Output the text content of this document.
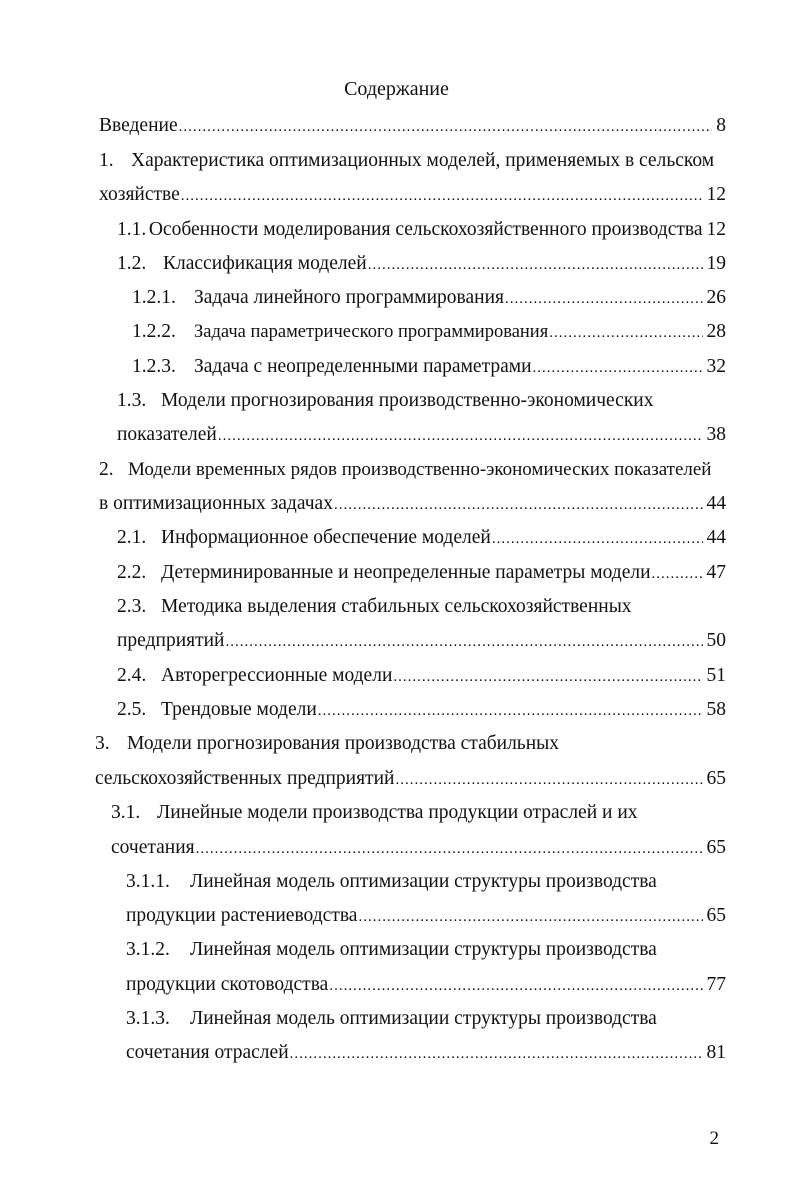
Содержание
Введение .....	8
1. Характеристика оптимизационных моделей, применяемых в сельском
хозяйстве .....	12
1.1. Особенности моделирования сельскохозяйственного производства 12
1.2. Классификация моделей .....	19
1.2.1. Задача линейного программирования .....	26
1.2.2. Задача параметрического программирования .....	28
1.2.3. Задача с неопределенными параметрами .....	32
1.3. Модели прогнозирования производственно-экономических
показателей .....	38
2. Модели временных рядов производственно-экономических показателей
в оптимизационных задачах .....	44
2.1. Информационное обеспечение моделей .....	44
2.2. Детерминированные и неопределенные параметры модели .....	47
2.3. Методика выделения стабильных сельскохозяйственных
предприятий .....	50
2.4. Авторегрессионные модели .....	51
2.5. Трендовые модели .....	58
3. Модели прогнозирования производства стабильных
сельскохозяйственных предприятий .....	65
3.1. Линейные модели производства продукции отраслей и их
сочетания .....	65
3.1.1. Линейная модель оптимизации структуры производства
продукции растениеводства .....	65
3.1.2. Линейная модель оптимизации структуры производства
продукции скотоводства .....	77
3.1.3. Линейная модель оптимизации структуры производства
сочетания отраслей .....	81
2
